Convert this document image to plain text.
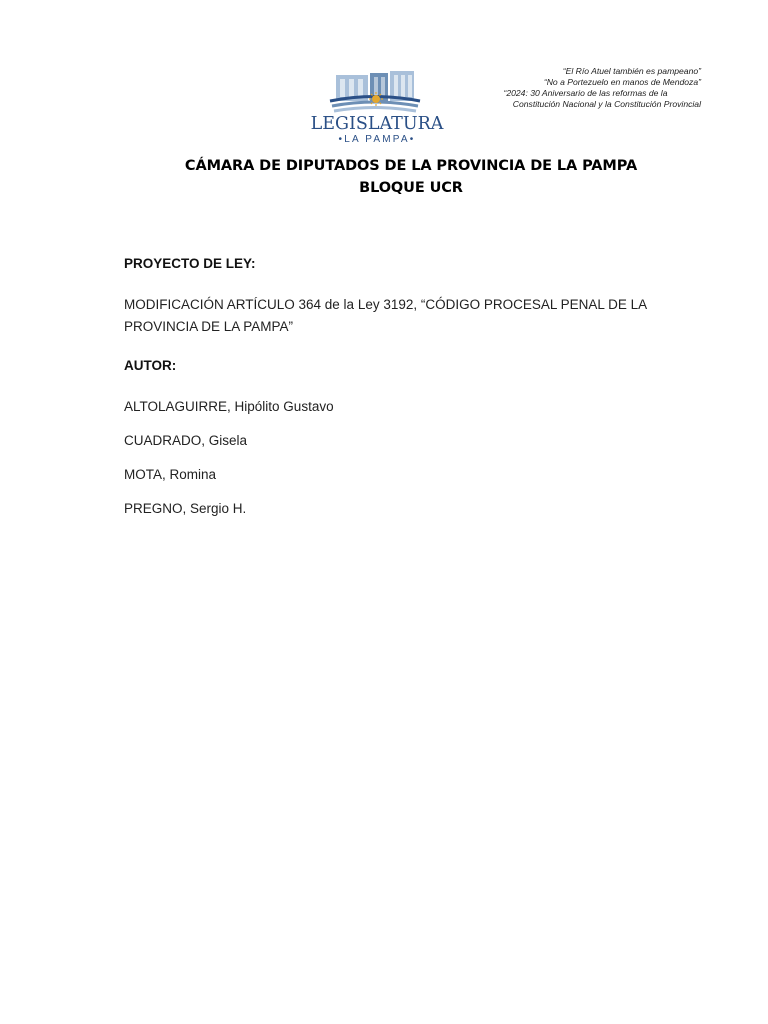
LEGISLATURA
•LA PAMPA•
“El Río Atuel también es pampeano”
“No a Portezuelo en manos de Mendoza”
“2024: 30 Aniversario de las reformas de la
Constitución Nacional y la Constitución Provincial
CÁMARA DE DIPUTADOS DE LA PROVINCIA DE LA PAMPA
BLOQUE UCR
PROYECTO DE LEY:
MODIFICACIÓN ARTÍCULO 364 de la Ley 3192, “CÓDIGO PROCESAL PENAL DE LA PROVINCIA DE LA PAMPA”
AUTOR:
ALTOLAGUIRRE, Hipólito Gustavo
CUADRADO, Gisela
MOTA, Romina
PREGNO, Sergio H.
